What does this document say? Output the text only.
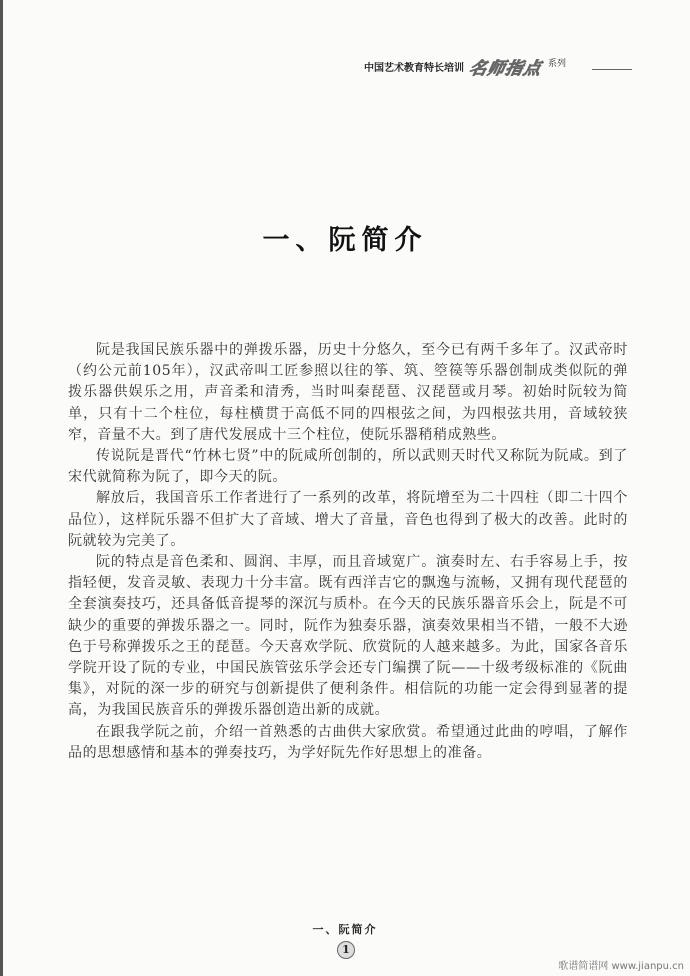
中国艺术教育特长培训 名师指点 系列
一、阮简介

阮是我国民族乐器中的弹拨乐器，历史十分悠久，至今已有两千多年了。汉武帝时（约公元前105年），汉武帝叫工匠参照以往的筝、筑、箜篌等乐器创制成类似阮的弹拨乐器供娱乐之用，声音柔和清秀，当时叫秦琵琶、汉琵琶或月琴。初始时阮较为简单，只有十二个柱位，每柱横贯于高低不同的四根弦之间，为四根弦共用，音域较狭窄，音量不大。到了唐代发展成十三个柱位，使阮乐器稍稍成熟些。

传说阮是晋代“竹林七贤”中的阮咸所创制的，所以武则天时代又称阮为阮咸。到了宋代就简称为阮了，即今天的阮。

解放后，我国音乐工作者进行了一系列的改革，将阮增至为二十四柱（即二十四个品位），这样阮乐器不但扩大了音域、增大了音量，音色也得到了极大的改善。此时的阮就较为完美了。

阮的特点是音色柔和、圆润、丰厚，而且音域宽广。演奏时左、右手容易上手，按指轻便，发音灵敏、表现力十分丰富。既有西洋吉它的飘逸与流畅，又拥有现代琵琶的全套演奏技巧，还具备低音提琴的深沉与质朴。在今天的民族乐器音乐会上，阮是不可缺少的重要的弹拨乐器之一。同时，阮作为独奏乐器，演奏效果相当不错，一般不大逊色于号称弹拨乐之王的琵琶。今天喜欢学阮、欣赏阮的人越来越多。为此，国家各音乐学院开设了阮的专业，中国民族管弦乐学会还专门编撰了阮——十级考级标准的《阮曲集》，对阮的深一步的研究与创新提供了便利条件。相信阮的功能一定会得到显著的提高，为我国民族音乐的弹拨乐器创造出新的成就。

在跟我学阮之前，介绍一首熟悉的古曲供大家欣赏。希望通过此曲的哼唱，了解作品的思想感情和基本的弹奏技巧，为学好阮先作好思想上的准备。

一、阮简介
1
歌谱简谱网 www.jianpu.cn
